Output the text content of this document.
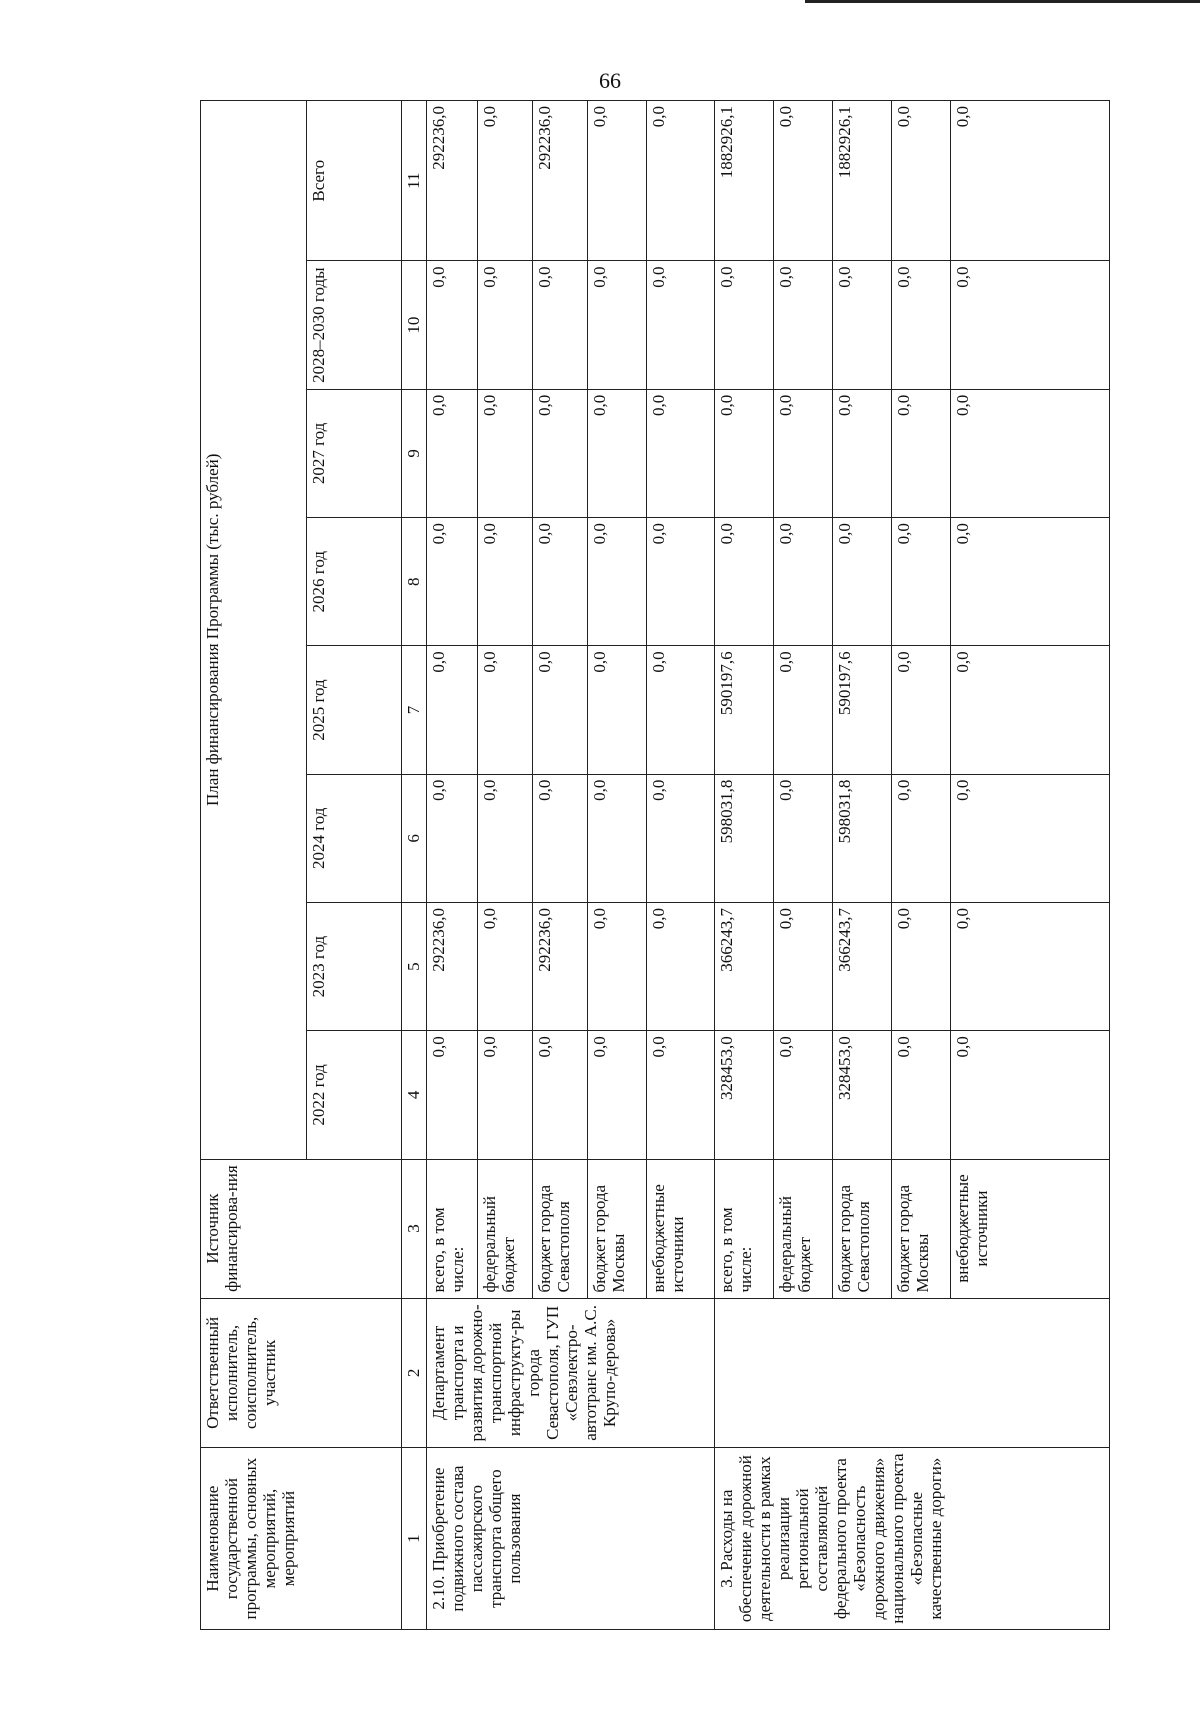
66
Наименование государственной программы, основных мероприятий, мероприятий	Ответственный исполнитель, соисполнитель, участник	Источник финансирова-ния	План финансирования Программы (тыс. рублей)							
			2022 год	2023 год	2024 год	2025 год	2026 год	2027 год	2028–2030 годы	Всего
1	2	3	4	5	6	7	8	9	10	11
2.10. Приобретение подвижного состава пассажирского транспорта общего пользования	Департамент транспорта и развития дорожно-транспортной инфраструкту-ры города Севастополя, ГУП «Севэлектро-автотранс им. А.С. Крупо-дерова»	всего, в том числе:	0,0	292236,0	0,0	0,0	0,0	0,0	0,0	292236,0
		федеральный бюджет	0,0	0,0	0,0	0,0	0,0	0,0	0,0	0,0
		бюджет города Севастополя	0,0	292236,0	0,0	0,0	0,0	0,0	0,0	292236,0
		бюджет города Москвы	0,0	0,0	0,0	0,0	0,0	0,0	0,0	0,0
		внебюджетные источники	0,0	0,0	0,0	0,0	0,0	0,0	0,0	0,0
3. Расходы на обеспечение дорожной деятельности в рамках реализации региональной составляющей федерального проекта «Безопасность дорожного движения» национального проекта «Безопасные качественные дороги»		всего, в том числе:	328453,0	366243,7	598031,8	590197,6	0,0	0,0	0,0	1882926,1
		федеральный бюджет	0,0	0,0	0,0	0,0	0,0	0,0	0,0	0,0
		бюджет города Севастополя	328453,0	366243,7	598031,8	590197,6	0,0	0,0	0,0	1882926,1
		бюджет города Москвы	0,0	0,0	0,0	0,0	0,0	0,0	0,0	0,0
		внебюджетные источники	0,0	0,0	0,0	0,0	0,0	0,0	0,0	0,0
